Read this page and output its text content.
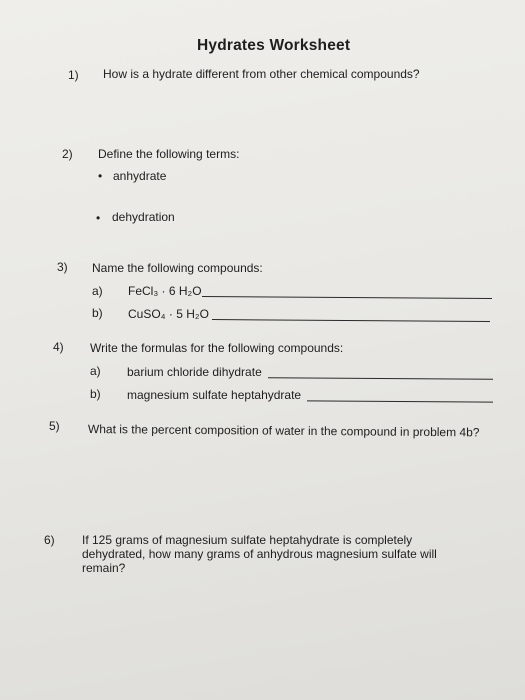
Hydrates Worksheet
1) How is a hydrate different from other chemical compounds?
2) Define the following terms:
• anhydrate
• dehydration
3) Name the following compounds:
a) FeCl₃ · 6 H₂O
b) CuSO₄ · 5 H₂O
4) Write the formulas for the following compounds:
a) barium chloride dihydrate
b) magnesium sulfate heptahydrate
5) What is the percent composition of water in the compound in problem 4b?
6) If 125 grams of magnesium sulfate heptahydrate is completely dehydrated, how many grams of anhydrous magnesium sulfate will remain?
